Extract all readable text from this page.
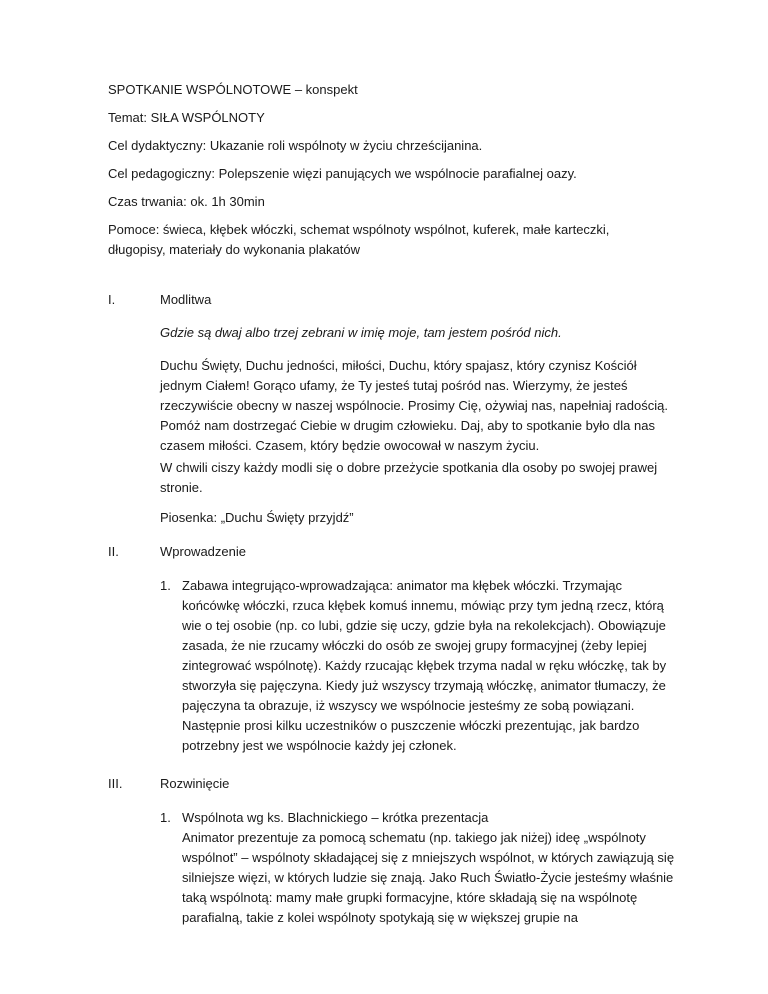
SPOTKANIE WSPÓLNOTOWE – konspekt

Temat: SIŁA WSPÓLNOTY

Cel dydaktyczny: Ukazanie roli wspólnoty w życiu chrześcijanina.

Cel pedagogiczny: Polepszenie więzi panujących we wspólnocie parafialnej oazy.

Czas trwania: ok. 1h 30min

Pomoce: świeca, kłębek włóczki, schemat wspólnoty wspólnot, kuferek, małe karteczki, długopisy, materiały do wykonania plakatów

I.	Modlitwa

Gdzie są dwaj albo trzej zebrani w imię moje, tam jestem pośród nich.

Duchu Święty, Duchu jedności, miłości, Duchu, który spajasz, który czynisz Kościół jednym Ciałem! Gorąco ufamy, że Ty jesteś tutaj pośród nas. Wierzymy, że jesteś rzeczywiście obecny w naszej wspólnocie. Prosimy Cię, ożywiaj nas, napełniaj radością. Pomóż nam dostrzegać Ciebie w drugim człowieku. Daj, aby to spotkanie było dla nas czasem miłości. Czasem, który będzie owocował w naszym życiu.

W chwili ciszy każdy modli się o dobre przeżycie spotkania dla osoby po swojej prawej stronie.

Piosenka: „Duchu Święty przyjdź”

II.	Wprowadzenie
1. Zabawa integrująco-wprowadzająca: animator ma kłębek włóczki. Trzymając końcówkę włóczki, rzuca kłębek komuś innemu, mówiąc przy tym jedną rzecz, którą wie o tej osobie (np. co lubi, gdzie się uczy, gdzie była na rekolekcjach). Obowiązuje zasada, że nie rzucamy włóczki do osób ze swojej grupy formacyjnej (żeby lepiej zintegrować wspólnotę). Każdy rzucając kłębek trzyma nadal w ręku włóczkę, tak by stworzyła się pajęczyna. Kiedy już wszyscy trzymają włóczkę, animator tłumaczy, że pajęczyna ta obrazuje, iż wszyscy we wspólnocie jesteśmy ze sobą powiązani. Następnie prosi kilku uczestników o puszczenie włóczki prezentując, jak bardzo potrzebny jest we wspólnocie każdy jej członek.
III.	Rozwinięcie
1. Wspólnota wg ks. Blachnickiego – krótka prezentacja
Animator prezentuje za pomocą schematu (np. takiego jak niżej) ideę „wspólnoty wspólnot” – wspólnoty składającej się z mniejszych wspólnot, w których zawiązują się silniejsze więzi, w których ludzie się znają. Jako Ruch Światło-Życie jesteśmy właśnie taką wspólnotą: mamy małe grupki formacyjne, które składają się na wspólnotę parafialną, takie z kolei wspólnoty spotykają się w większej grupie na
